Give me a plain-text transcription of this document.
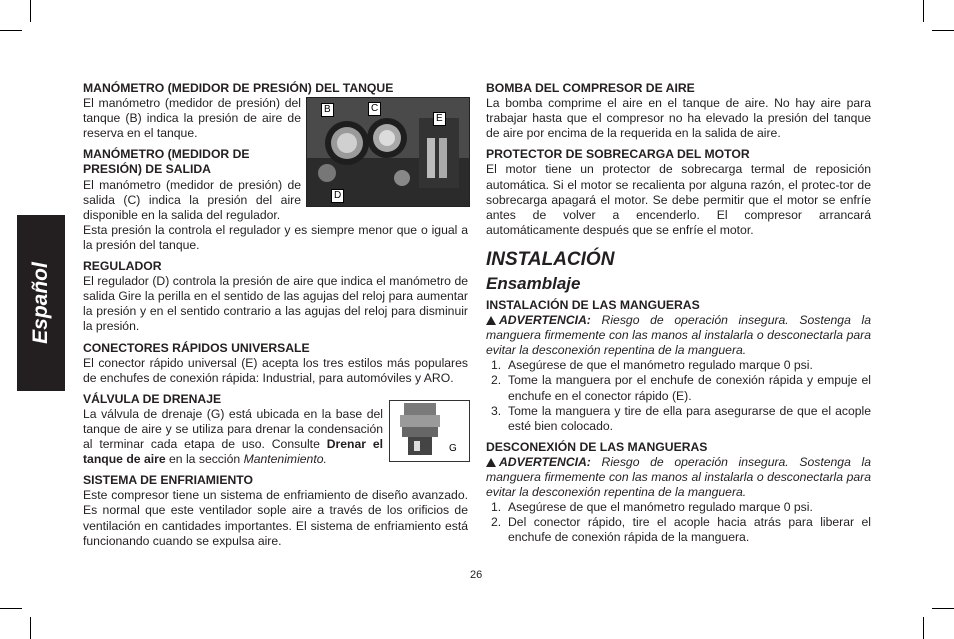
Español
B	C
E
D
G
MANÓMETRO (MEDIDOR DE PRESIÓN) DEL TANQUE

El manómetro (medidor de presión) del tanque (B) indica la presión de aire de reserva en el tanque.

MANÓMETRO (MEDIDOR DE PRESIÓN) DE SALIDA

El manómetro (medidor de presión) de salida (C) indica la presión del aire disponible en la salida del regulador.

Esta presión la controla el regulador y es siempre menor que o igual a la presión del tanque.

REGULADOR

El regulador (D) controla la presión de aire que indica el manómetro de salida Gire la perilla en el sentido de las agujas del reloj para aumentar la presión y en el sentido contrario a las agujas del reloj para disminuir la presión.

CONECTORES RÁPIDOS UNIVERSALE

El conector rápido universal (E) acepta los tres estilos más populares de enchufes de conexión rápida: Industrial, para automóviles y ARO.

VÁLVULA DE DRENAJE

La válvula de drenaje (G) está ubicada en la base del tanque de aire y se utiliza para drenar la condensación al terminar cada etapa de uso. Consulte Drenar el tanque de aire en la sección Mantenimiento.

SISTEMA DE ENFRIAMIENTO

Este compresor tiene un sistema de enfriamiento de diseño avanzado. Es normal que este ventilador sople aire a través de los orificios de ventilación en cantidades importantes. El sistema de enfriamiento está funcionando cuando se expulsa aire.

BOMBA DEL COMPRESOR DE AIRE

La bomba comprime el aire en el tanque de aire. No hay aire para trabajar hasta que el compresor no ha elevado la presión del tanque de aire por encima de la requerida en la salida de aire.

PROTECTOR DE SOBRECARGA DEL MOTOR

El motor tiene un protector de sobrecarga termal de reposición automática. Si el motor se recalienta por alguna razón, el protec-tor de sobrecarga apagará el motor. Se debe permitir que el motor se enfríe antes de volver a encenderlo. El compresor arrancará automáticamente después que se enfríe el motor.

INSTALACIÓN
Ensamblaje
INSTALACIÓN DE LAS MANGUERAS

ADVERTENCIA: Riesgo de operación insegura. Sostenga la manguera firmemente con las manos al instalarla o desconectarla para evitar la desconexión repentina de la manguera.

1. Asegúrese de que el manómetro regulado marque 0 psi.
2. Tome la manguera por el enchufe de conexión rápida y empuje el enchufe en el conector rápido (E).
3. Tome la manguera y tire de ella para asegurarse de que el acople esté bien colocado.
DESCONEXIÓN DE LAS MANGUERAS

ADVERTENCIA: Riesgo de operación insegura. Sostenga la manguera firmemente con las manos al instalarla o desconectarla para evitar la desconexión repentina de la manguera.

1. Asegúrese de que el manómetro regulado marque 0 psi.
2. Del conector rápido, tire el acople hacia atrás para liberar el enchufe de conexión rápida de la manguera.
26
